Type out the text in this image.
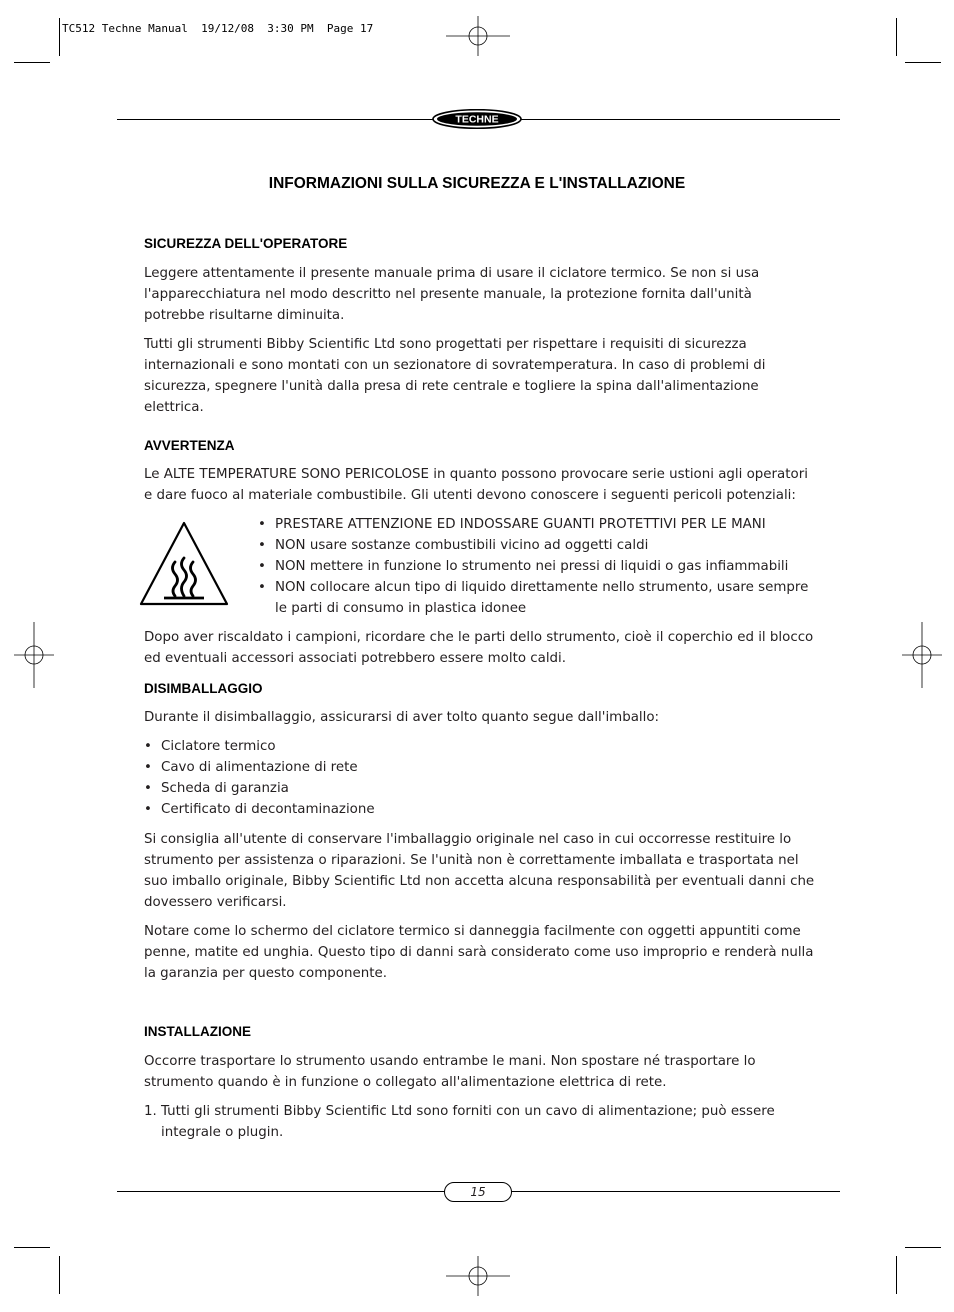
TC512 Techne Manual  19/12/08  3:30 PM  Page 17
TECHNE
INFORMAZIONI SULLA SICUREZZA E L'INSTALLAZIONE
SICUREZZA DELL'OPERATORE

Leggere attentamente il presente manuale prima di usare il ciclatore termico. Se non si usa l'apparecchiatura nel modo descritto nel presente manuale, la protezione fornita dall'unità potrebbe risultarne diminuita.

Tutti gli strumenti Bibby Scientific Ltd sono progettati per rispettare i requisiti di sicurezza internazionali e sono montati con un sezionatore di sovratemperatura. In caso di problemi di sicurezza, spegnere l'unità dalla presa di rete centrale e togliere la spina dall'alimentazione elettrica.

AVVERTENZA

Le ALTE TEMPERATURE SONO PERICOLOSE in quanto possono provocare serie ustioni agli operatori e dare fuoco al materiale combustibile. Gli utenti devono conoscere i seguenti pericoli potenziali:

• PRESTARE ATTENZIONE ED INDOSSARE GUANTI PROTETTIVI PER LE MANI
• NON usare sostanze combustibili vicino ad oggetti caldi
• NON mettere in funzione lo strumento nei pressi di liquidi o gas infiammabili
• NON collocare alcun tipo di liquido direttamente nello strumento, usare sempre le parti di consumo in plastica idonee

Dopo aver riscaldato i campioni, ricordare che le parti dello strumento, cioè il coperchio ed il blocco ed eventuali accessori associati potrebbero essere molto caldi.

DISIMBALLAGGIO

Durante il disimballaggio, assicurarsi di aver tolto quanto segue dall'imballo:

• Ciclatore termico
• Cavo di alimentazione di rete
• Scheda di garanzia
• Certificato di decontaminazione

Si consiglia all'utente di conservare l'imballaggio originale nel caso in cui occorresse restituire lo strumento per assistenza o riparazioni. Se l'unità non è correttamente imballata e trasportata nel suo imballo originale, Bibby Scientific Ltd non accetta alcuna responsabilità per eventuali danni che dovessero verificarsi.

Notare come lo schermo del ciclatore termico si danneggia facilmente con oggetti appuntiti come penne, matite ed unghia. Questo tipo di danni sarà considerato come uso improprio e renderà nulla la garanzia per questo componente.

INSTALLAZIONE

Occorre trasportare lo strumento usando entrambe le mani. Non spostare né trasportare lo strumento quando è in funzione o collegato all'alimentazione elettrica di rete.

1. Tutti gli strumenti Bibby Scientific Ltd sono forniti con un cavo di alimentazione; può essere integrale o plugin.
15
